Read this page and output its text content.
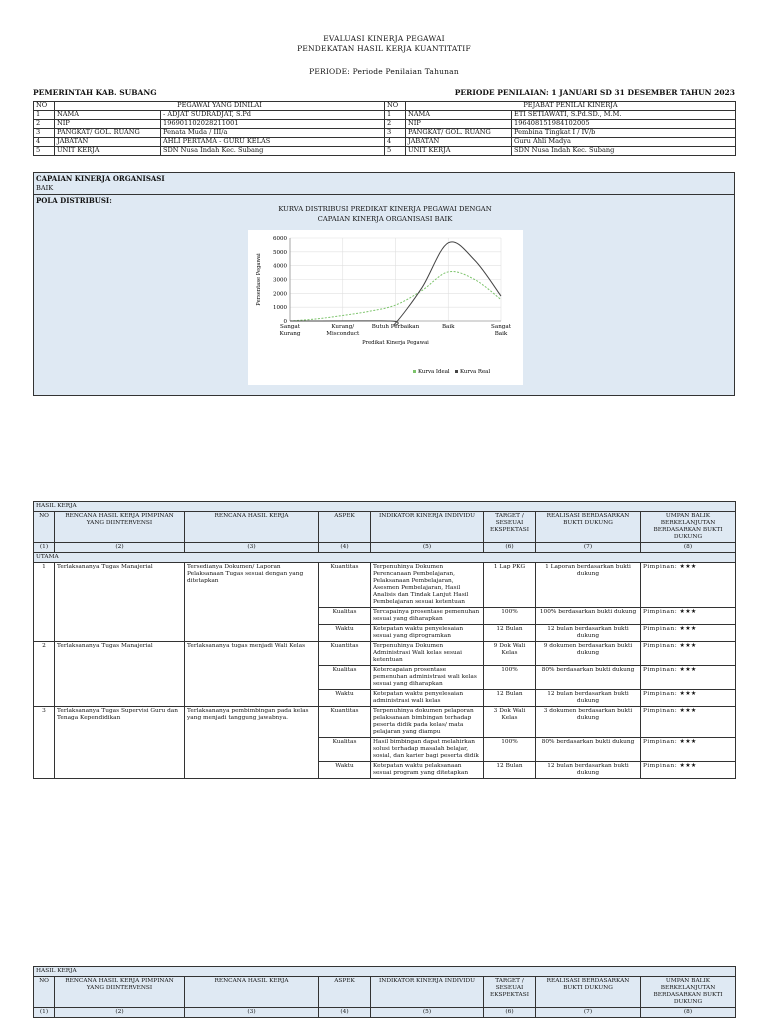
EVALUASI KINERJA PEGAWAI
PENDEKATAN HASIL KERJA KUANTITATIF
PERIODE: Periode Penilaian Tahunan
PEMERINTAH KAB. SUBANG	PERIODE PENILAIAN: 1 JANUARI SD 31 DESEMBER TAHUN 2023
NO	PEGAWAI YANG DINILAI		NO	PEJABAT PENILAI KINERJA	
1	NAMA	- ADJAT SUDRADJAT, S.Pd	1	NAMA	ETI SETIAWATI, S.Pd.SD., M.M.
2	NIP	196901102028211001	2	NIP	196408151984102005
3	PANGKAT/ GOL. RUANG	Penata Muda / III/a	3	PANGKAT/ GOL. RUANG	Pembina Tingkat I / IV/b
4	JABATAN	AHLI PERTAMA - GURU KELAS	4	JABATAN	Guru Ahli Madya
5	UNIT KERJA	SDN Nusa Indah Kec. Subang	5	UNIT KERJA	SDN Nusa Indah Kec. Subang
CAPAIAN KINERJA ORGANISASI
BAIK
POLA DISTRIBUSI:
KURVA DISTRIBUSI PREDIKAT KINERJA PEGAWAI DENGAN
CAPAIAN KINERJA ORGANISASI BAIK
0
1000
2000
3000
4000
5000
6000
Sangat
Kurang
Kurang/
Misconduct
Butuh Perbaikan	Baik	Sangat
Baik
Predikat Kinerja Pegawai
Persentase Pegawai
Kurva Ideal Kurva Real
HASIL KERJA							
NO	RENCANA HASIL KERJA PIMPINAN YANG DIINTERVENSI	RENCANA HASIL KERJA	ASPEK	INDIKATOR KINERJA INDIVIDU	TARGET / SESEUAI EKSPEKTASI	REALISASI BERDASARKAN BUKTI DUKUNG	UMPAN BALIK BERKELANJUTAN BERDASARKAN BUKTI DUKUNG
(1)	(2)	(3)	(4)	(5)	(6)	(7)	(8)
UTAMA							
1	Terlaksananya Tugas Manajerial	Tersedianya Dokumen/ Laporan Pelaksanaan Tugas sesuai dengan yang ditetapkan	Kuantitas	Terpenuhinya Dokumen Perencanaan Pembelajaran, Pelaksanaan Pembelajaran, Asesmen Pembelajaran, Hasil Analisis dan Tindak Lanjut Hasil Pembelajaran sesuai ketentuan	1 Lap PKG	1 Laporan berdasarkan bukti dukung	Pimpinan: ★★★
			Kualitas	Tercapainya prosentase pemenuhan sesuai yang diharapkan	100%	100% berdasarkan bukti dukung	Pimpinan: ★★★
			Waktu	Ketepatan waktu penyelesaian sesuai yang diprogramkan	12 Bulan	12 bulan berdasarkan bukti dukung	Pimpinan: ★★★
2	Terlaksananya Tugas Manajerial	Terlaksananya tugas menjadi Wali Kelas	Kuantitas	Terpenuhinya Dokumen Administrasi Wali kelas sesuai ketentuan	9 Dok Wali Kelas	9 dokumen berdasarkan bukti dukung	Pimpinan: ★★★
			Kualitas	Ketercapaian prosentase pemenuhan administrasi wali kelas sesuai yang diharapkan	100%	80% berdasarkan bukti dukung	Pimpinan: ★★★
			Waktu	Ketepatan waktu penyelesaian administrasi wali kelas	12 Bulan	12 bulan berdasarkan bukti dukung	Pimpinan: ★★★
3	Terlaksananya Tugas Supervisi Guru dan Tenaga Kependidikan	Terlaksananya pembimbingan pada kelas yang menjadi tanggung jawabnya.	Kuantitas	Terpenuhinya dokumen pelaporan pelaksanaan bimbingan terhadap peserta didik pada kelas/ mata pelajaran yang diampu	3 Dok Wali Kelas	3 dokumen berdasarkan bukti dukung	Pimpinan: ★★★
			Kualitas	Hasil bimbingan dapat melahirkan solusi terhadap masalah belajar, sosial, dan karier bagi peserta didik	100%	80% berdasarkan bukti dukung	Pimpinan: ★★★
			Waktu	Ketepatan waktu pelaksanaan sesuai program yang ditetapkan	12 Bulan	12 bulan berdasarkan bukti dukung	Pimpinan: ★★★
HASIL KERJA							
NO	RENCANA HASIL KERJA PIMPINAN YANG DIINTERVENSI	RENCANA HASIL KERJA	ASPEK	INDIKATOR KINERJA INDIVIDU	TARGET / SESEUAI EKSPEKTASI	REALISASI BERDASARKAN BUKTI DUKUNG	UMPAN BALIK BERKELANJUTAN BERDASARKAN BUKTI DUKUNG
(1)	(2)	(3)	(4)	(5)	(6)	(7)	(8)
